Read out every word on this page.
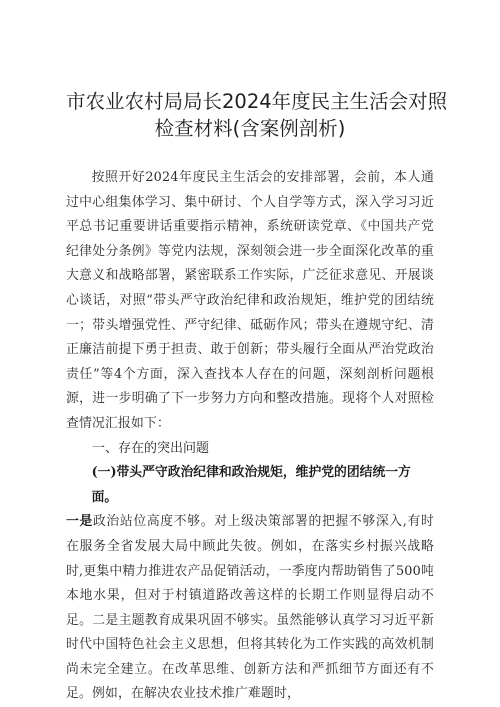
市农业农村局局长2024年度民主生活会对照
检查材料(含案例剖析)

按照开好2024年度民主生活会的安排部署，会前，本人通过中心组集体学习、集中研讨、个人自学等方式，深入学习习近平总书记重要讲话重要指示精神，系统研读党章、《中国共产党纪律处分条例》等党内法规，深刻领会进一步全面深化改革的重大意义和战略部署，紧密联系工作实际，广泛征求意见、开展谈心谈话，对照“带头严守政治纪律和政治规矩，维护党的团结统一；带头增强党性、严守纪律、砥砺作风；带头在遵规守纪、清正廉洁前提下勇于担责、敢于创新；带头履行全面从严治党政治责任”等4个方面，深入查找本人存在的问题，深刻剖析问题根源，进一步明确了下一步努力方向和整改措施。现将个人对照检查情况汇报如下：

一、存在的突出问题

(一)带头严守政治纪律和政治规矩，维护党的团结统一方面。

一是政治站位高度不够。对上级决策部署的把握不够深入,有时在服务全省发展大局中顾此失彼。例如，在落实乡村振兴战略时,更集中精力推进农产品促销活动，一季度内帮助销售了500吨本地水果，但对于村镇道路改善这样的长期工作则显得启动不足。二是主题教育成果巩固不够实。虽然能够认真学习习近平新时代中国特色社会主义思想，但将其转化为工作实践的高效机制尚未完全建立。在改革思维、创新方法和严抓细节方面还有不足。例如，在解决农业技术推广难题时，
